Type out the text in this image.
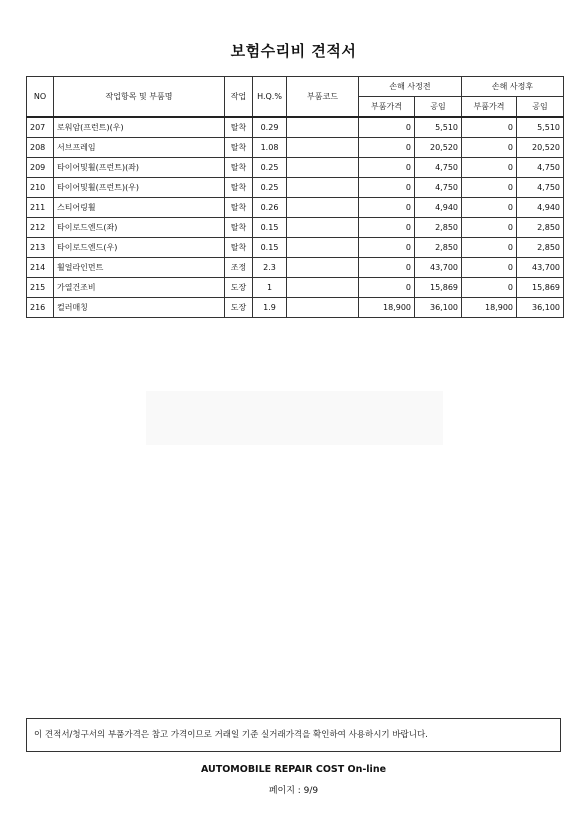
보험수리비 견적서
NO	작업항목 및 부품명	작업	H.Q.%	부품코드	손해 사정전		손해 사정후	
					부품가격	공임	부품가격	공임
207	로워암(프런트)(우)	탈착	0.29		0	5,510	0	5,510
208	서브프레임	탈착	1.08		0	20,520	0	20,520
209	타이어및휠(프런트)(좌)	탈착	0.25		0	4,750	0	4,750
210	타이어및휠(프런트)(우)	탈착	0.25		0	4,750	0	4,750
211	스티어링휠	탈착	0.26		0	4,940	0	4,940
212	타이로드엔드(좌)	탈착	0.15		0	2,850	0	2,850
213	타이로드엔드(우)	탈착	0.15		0	2,850	0	2,850
214	휠얼라인먼트	조정	2.3		0	43,700	0	43,700
215	가열건조비	도장	1		0	15,869	0	15,869
216	컬러매칭	도장	1.9		18,900	36,100	18,900	36,100
이 견적서/청구서의 부품가격은 참고 가격이므로 거래일 기준 실거래가격을 확인하여 사용하시기 바랍니다.
AUTOMOBILE REPAIR COST On-line
페이지 : 9/9
